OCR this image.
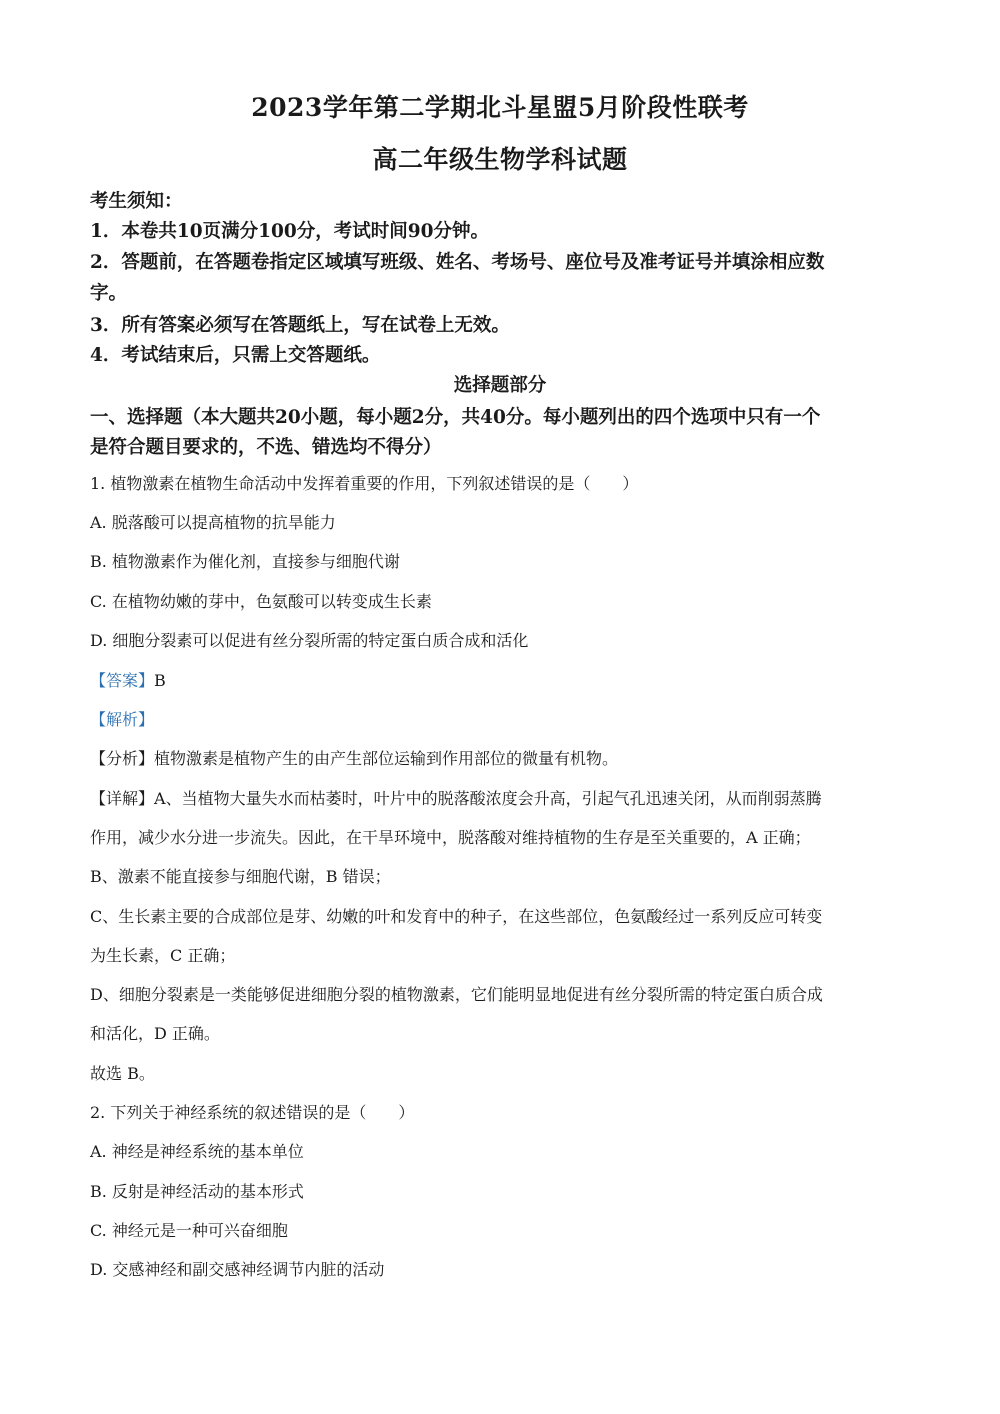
2023学年第二学期北斗星盟5月阶段性联考
高二年级生物学科试题
考生须知：
1．本卷共10页满分100分，考试时间90分钟。
2．答题前，在答题卷指定区域填写班级、姓名、考场号、座位号及准考证号并填涂相应数
字。
3．所有答案必须写在答题纸上，写在试卷上无效。
4．考试结束后，只需上交答题纸。
选择题部分
一、选择题（本大题共20小题，每小题2分，共40分。每小题列出的四个选项中只有一个
是符合题目要求的，不选、错选均不得分）
1. 植物激素在植物生命活动中发挥着重要的作用，下列叙述错误的是（　　）
A. 脱落酸可以提高植物的抗旱能力
B. 植物激素作为催化剂，直接参与细胞代谢
C. 在植物幼嫩的芽中，色氨酸可以转变成生长素
D. 细胞分裂素可以促进有丝分裂所需的特定蛋白质合成和活化
【答案】B
【解析】
【分析】植物激素是植物产生的由产生部位运输到作用部位的微量有机物。
【详解】A、当植物大量失水而枯萎时，叶片中的脱落酸浓度会升高，引起气孔迅速关闭，从而削弱蒸腾
作用，减少水分进一步流失。因此，在干旱环境中，脱落酸对维持植物的生存是至关重要的，A 正确；
B、激素不能直接参与细胞代谢，B 错误；
C、生长素主要的合成部位是芽、幼嫩的叶和发育中的种子，在这些部位，色氨酸经过一系列反应可转变
为生长素，C 正确；
D、细胞分裂素是一类能够促进细胞分裂的植物激素，它们能明显地促进有丝分裂所需的特定蛋白质合成
和活化，D 正确。
故选 B。
2. 下列关于神经系统的叙述错误的是（　　）
A. 神经是神经系统的基本单位
B. 反射是神经活动的基本形式
C. 神经元是一种可兴奋细胞
D. 交感神经和副交感神经调节内脏的活动
